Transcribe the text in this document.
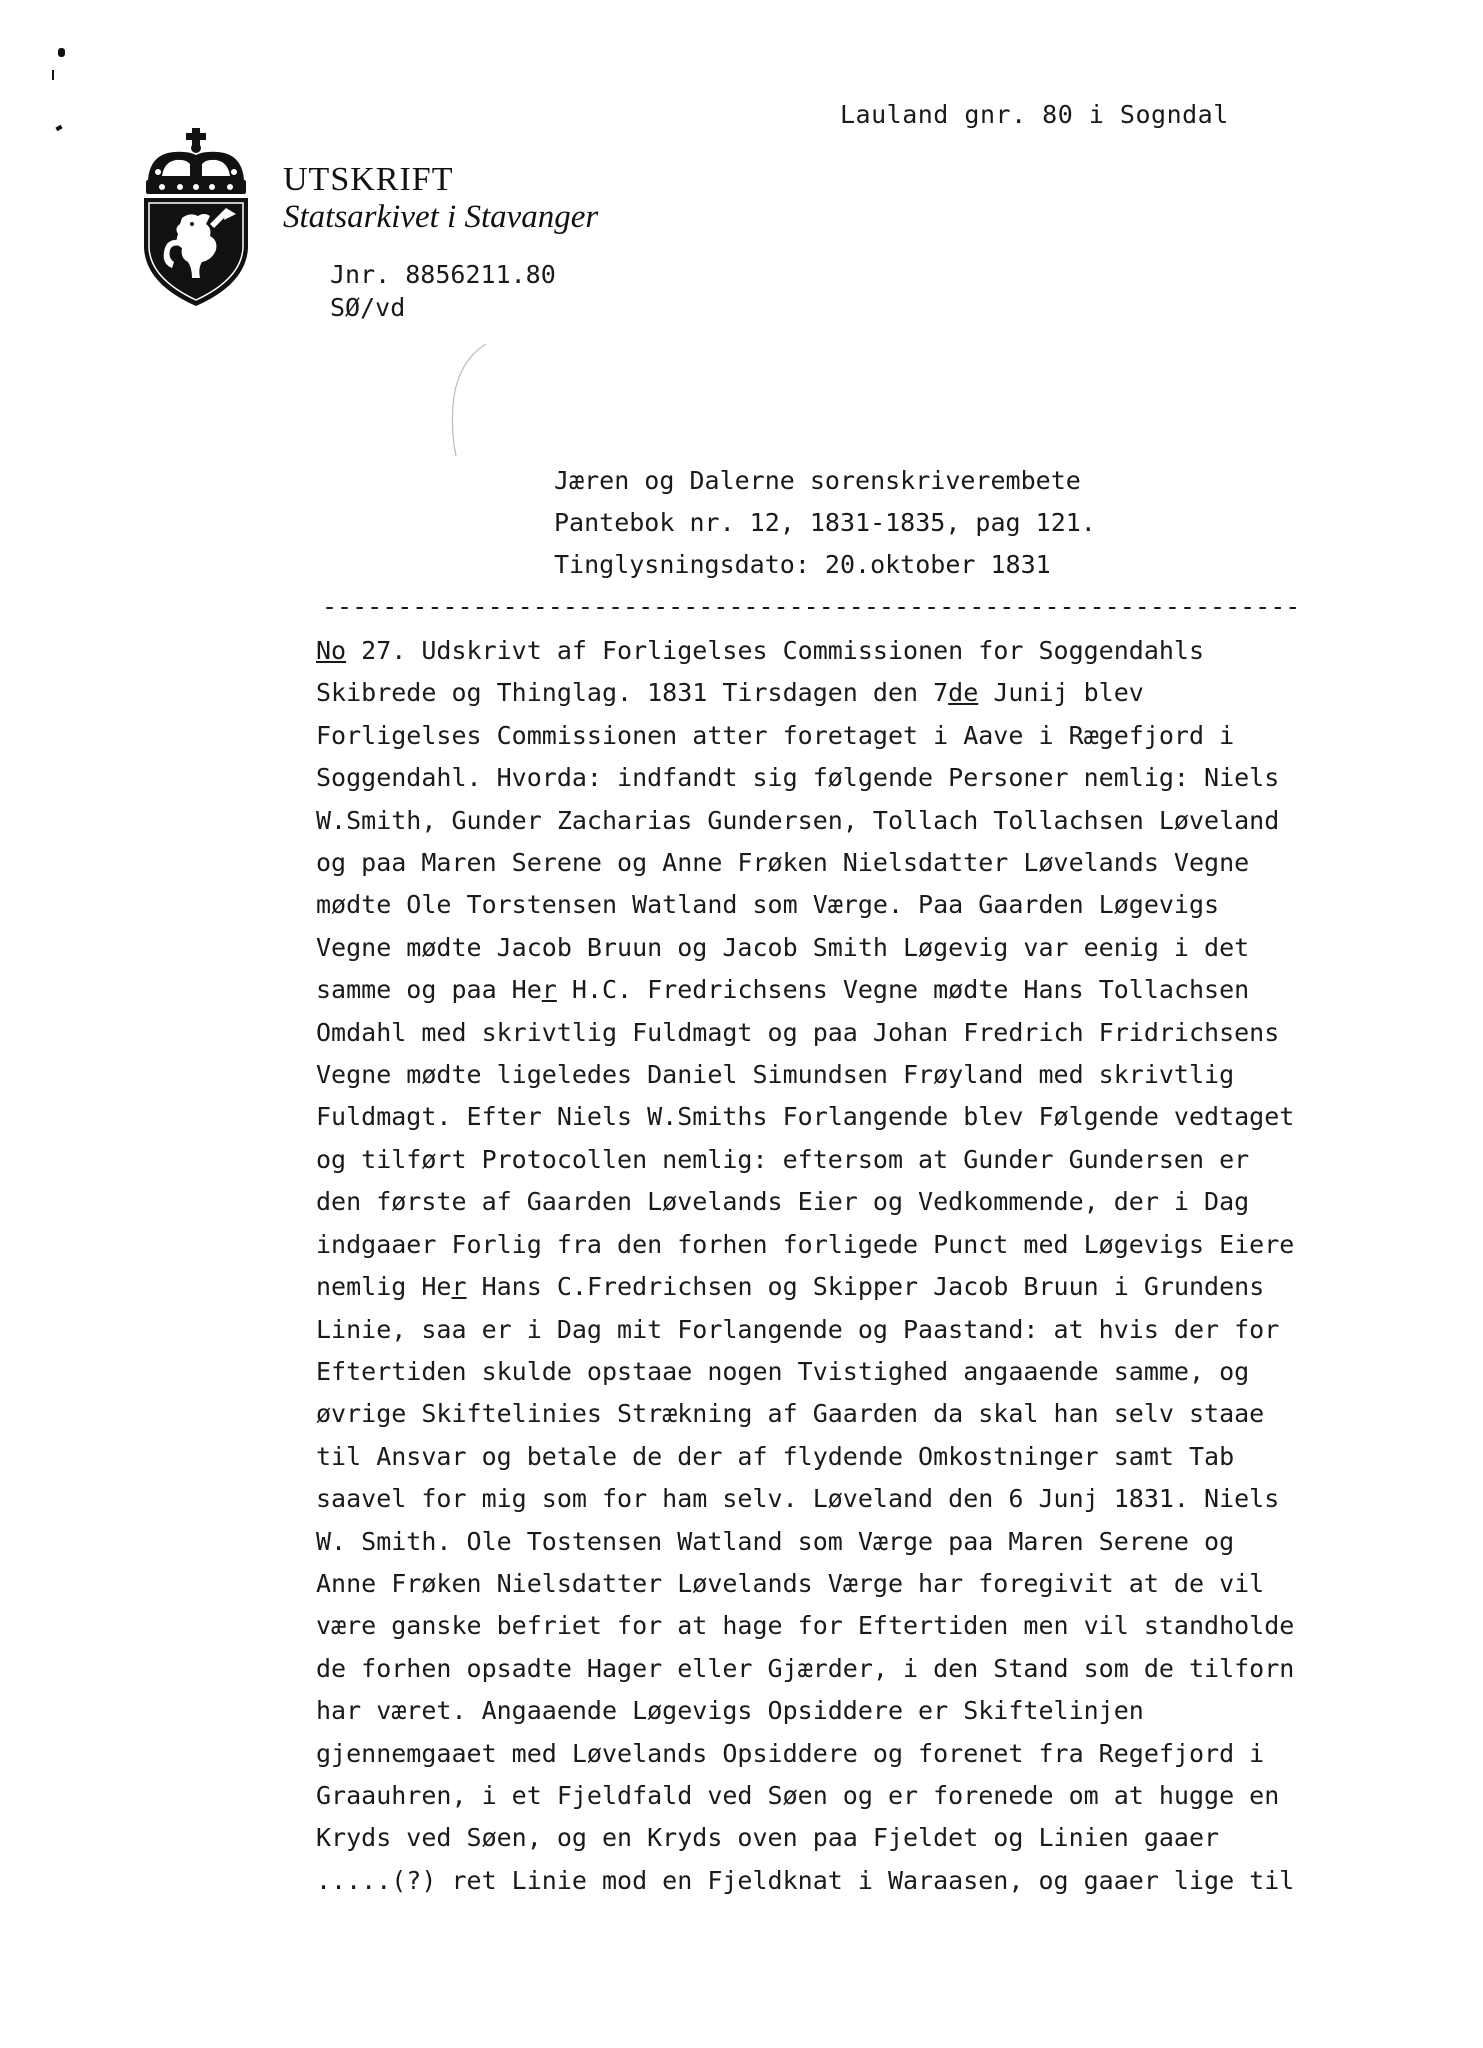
Lauland gnr. 80 i Sogndal
UTSKRIFT
Statsarkivet i Stavanger
Jnr. 8856211.80
SØ/vd
Jæren og Dalerne sorenskriverembete
Pantebok nr. 12, 1831-1835, pag 121.
Tinglysningsdato: 20.oktober 1831
-----------------------------------------------------------------
No 27. Udskrivt af Forligelses Commissionen for Soggendahls
Skibrede og Thinglag. 1831 Tirsdagen den 7de Junij blev
Forligelses Commissionen atter foretaget i Aave i Rægefjord i
Soggendahl. Hvorda: indfandt sig følgende Personer nemlig: Niels
W.Smith, Gunder Zacharias Gundersen, Tollach Tollachsen Løveland
og paa Maren Serene og Anne Frøken Nielsdatter Løvelands Vegne
mødte Ole Torstensen Watland som Værge. Paa Gaarden Løgevigs
Vegne mødte Jacob Bruun og Jacob Smith Løgevig var eenig i det
samme og paa Her H.C. Fredrichsens Vegne mødte Hans Tollachsen
Omdahl med skrivtlig Fuldmagt og paa Johan Fredrich Fridrichsens
Vegne mødte ligeledes Daniel Simundsen Frøyland med skrivtlig
Fuldmagt. Efter Niels W.Smiths Forlangende blev Følgende vedtaget
og tilført Protocollen nemlig: eftersom at Gunder Gundersen er
den første af Gaarden Løvelands Eier og Vedkommende, der i Dag
indgaaer Forlig fra den forhen forligede Punct med Løgevigs Eiere
nemlig Her Hans C.Fredrichsen og Skipper Jacob Bruun i Grundens
Linie, saa er i Dag mit Forlangende og Paastand: at hvis der for
Eftertiden skulde opstaae nogen Tvistighed angaaende samme, og
øvrige Skiftelinies Strækning af Gaarden da skal han selv staae
til Ansvar og betale de der af flydende Omkostninger samt Tab
saavel for mig som for ham selv. Løveland den 6 Junj 1831. Niels
W. Smith. Ole Tostensen Watland som Værge paa Maren Serene og
Anne Frøken Nielsdatter Løvelands Værge har foregivit at de vil
være ganske befriet for at hage for Eftertiden men vil standholde
de forhen opsadte Hager eller Gjærder, i den Stand som de tilforn
har været. Angaaende Løgevigs Opsiddere er Skiftelinjen
gjennemgaaet med Løvelands Opsiddere og forenet fra Regefjord i
Graauhren, i et Fjeldfald ved Søen og er forenede om at hugge en
Kryds ved Søen, og en Kryds oven paa Fjeldet og Linien gaaer
.....(?) ret Linie mod en Fjeldknat i Waraasen, og gaaer lige til
